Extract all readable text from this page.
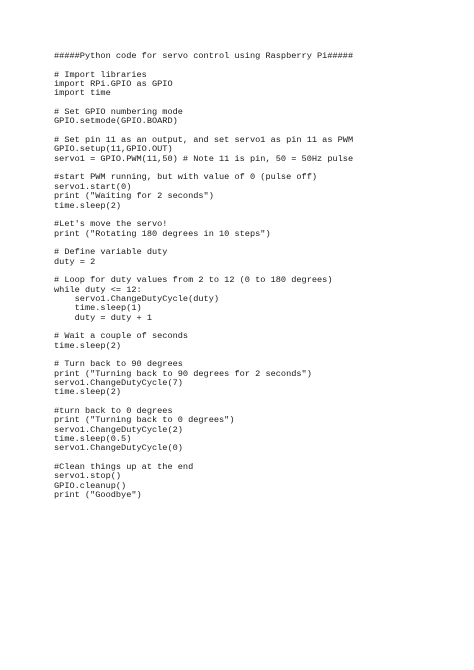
#####Python code for servo control using Raspberry Pi#####
# Import libraries
import RPi.GPIO as GPIO
import time
# Set GPIO numbering mode
GPIO.setmode(GPIO.BOARD)
# Set pin 11 as an output, and set servo1 as pin 11 as PWM
GPIO.setup(11,GPIO.OUT)
servo1 = GPIO.PWM(11,50) # Note 11 is pin, 50 = 50Hz pulse
#start PWM running, but with value of 0 (pulse off)
servo1.start(0)
print ("Waiting for 2 seconds")
time.sleep(2)
#Let's move the servo!
print ("Rotating 180 degrees in 10 steps")
# Define variable duty
duty = 2
# Loop for duty values from 2 to 12 (0 to 180 degrees)
while duty <= 12:
servo1.ChangeDutyCycle(duty)
time.sleep(1)
duty = duty + 1
# Wait a couple of seconds
time.sleep(2)
# Turn back to 90 degrees
print ("Turning back to 90 degrees for 2 seconds")
servo1.ChangeDutyCycle(7)
time.sleep(2)
#turn back to 0 degrees
print ("Turning back to 0 degrees")
servo1.ChangeDutyCycle(2)
time.sleep(0.5)
servo1.ChangeDutyCycle(0)
#Clean things up at the end
servo1.stop()
GPIO.cleanup()
print ("Goodbye")
